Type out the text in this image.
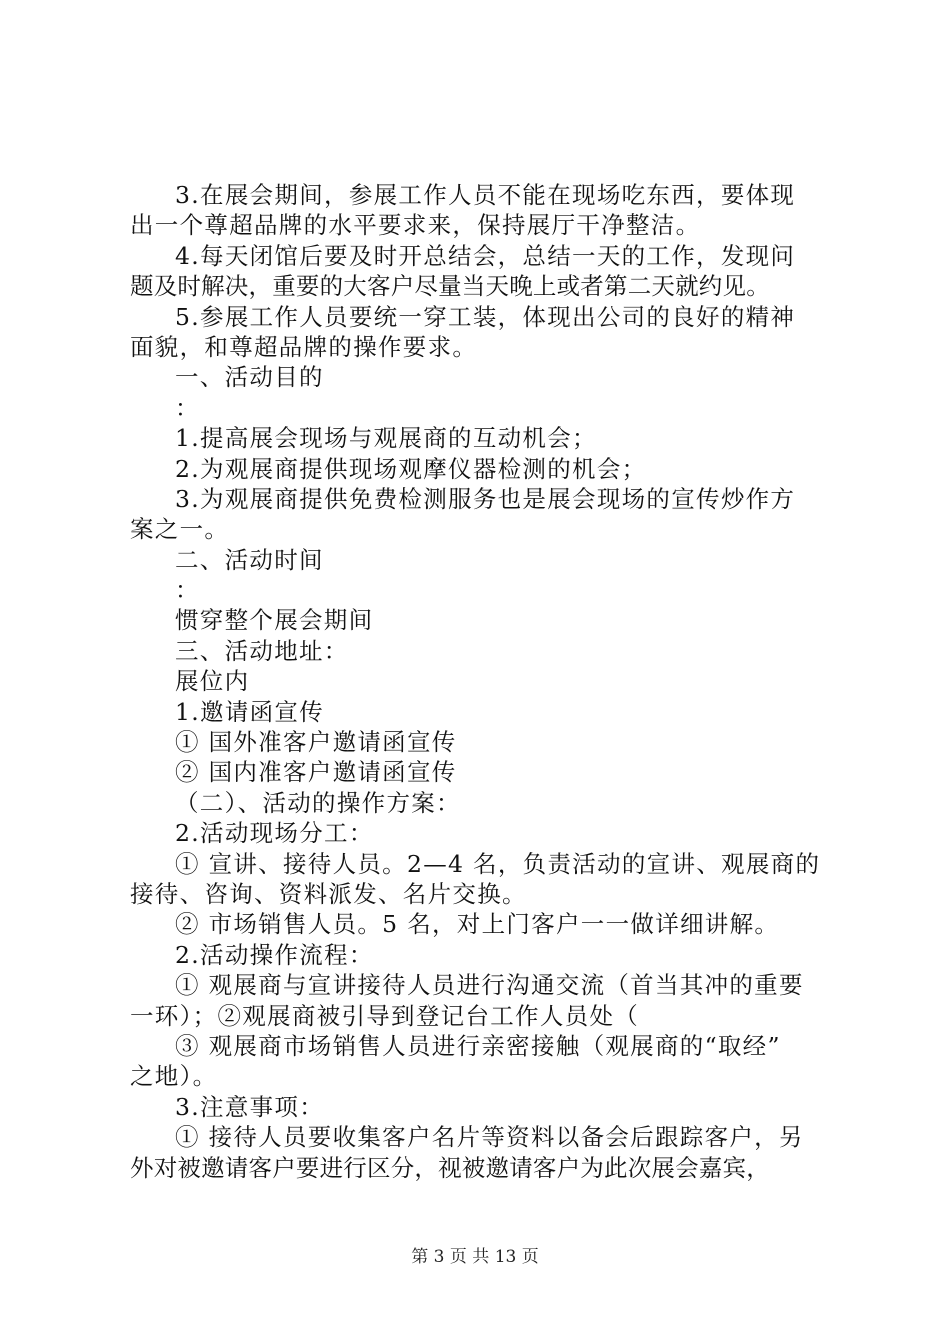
3.在展会期间，参展工作人员不能在现场吃东西，要体现
出一个尊超品牌的水平要求来，保持展厅干净整洁。
4.每天闭馆后要及时开总结会，总结一天的工作，发现问
题及时解决，重要的大客户尽量当天晚上或者第二天就约见。
5.参展工作人员要统一穿工装，体现出公司的良好的精神
面貌，和尊超品牌的操作要求。
一、活动目的
：
1.提高展会现场与观展商的互动机会；
2.为观展商提供现场观摩仪器检测的机会；
3.为观展商提供免费检测服务也是展会现场的宣传炒作方
案之一。
二、活动时间
：
惯穿整个展会期间
三、活动地址：
展位内
1.邀请函宣传
① 国外准客户邀请函宣传
② 国内准客户邀请函宣传
（二）、活动的操作方案：
2.活动现场分工：
① 宣讲、接待人员。2—4 名，负责活动的宣讲、观展商的
接待、咨询、资料派发、名片交换。
② 市场销售人员。5 名，对上门客户一一做详细讲解。
2.活动操作流程：
① 观展商与宣讲接待人员进行沟通交流（首当其冲的重要
一环）；②观展商被引导到登记台工作人员处（
③ 观展商市场销售人员进行亲密接触（观展商的“取经”
之地）。
3.注意事项：
① 接待人员要收集客户名片等资料以备会后跟踪客户，另
外对被邀请客户要进行区分，视被邀请客户为此次展会嘉宾，
第 3 页 共 13 页
